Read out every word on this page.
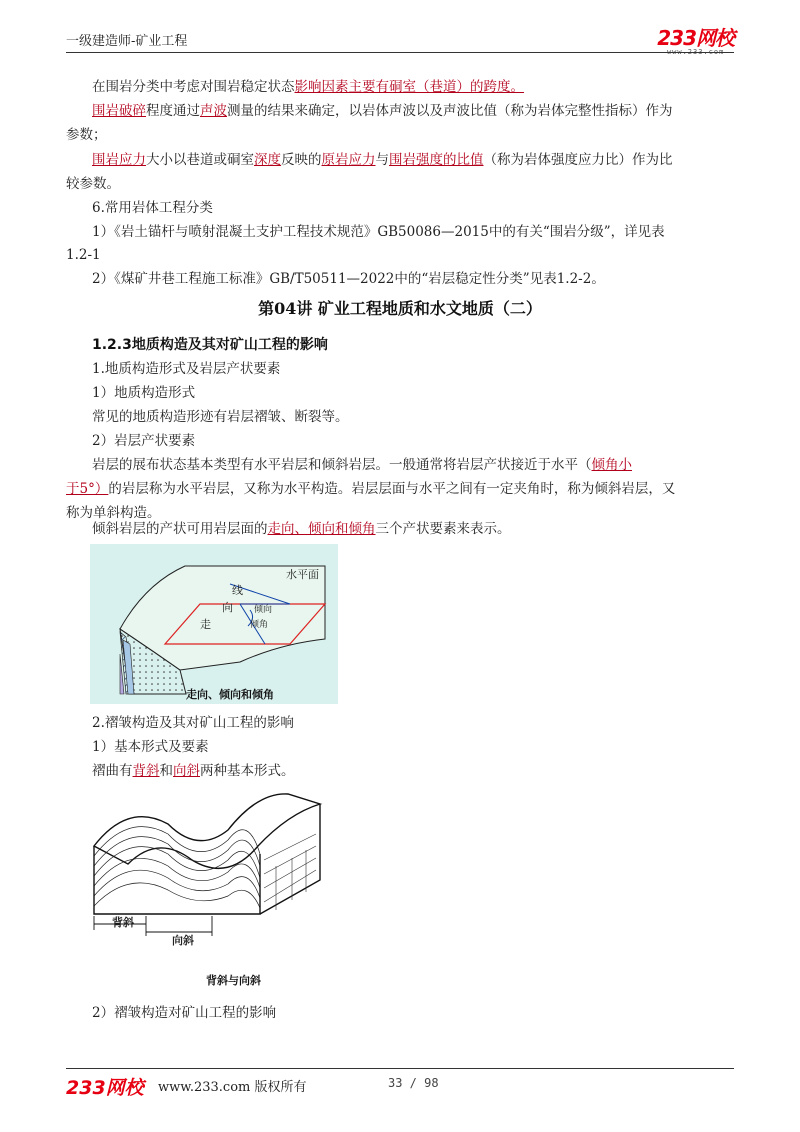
一级建造师-矿业工程	233网校
www.233.com
在围岩分类中考虑对围岩稳定状态影响因素主要有硐室（巷道）的跨度。
围岩破碎程度通过声波测量的结果来确定，以岩体声波以及声波比值（称为岩体完整性指标）作为
参数；
围岩应力大小以巷道或硐室深度反映的原岩应力与围岩强度的比值（称为岩体强度应力比）作为比
较参数。
6.常用岩体工程分类
1）《岩土锚杆与喷射混凝土支护工程技术规范》GB50086—2015中的有关“围岩分级”，详见表
1.2-1
2）《煤矿井巷工程施工标准》GB/T50511—2022中的“岩层稳定性分类”见表1.2-2。
第04讲 矿业工程地质和水文地质（二）
1.2.3地质构造及其对矿山工程的影响
1.地质构造形式及岩层产状要素
1）地质构造形式
常见的地质构造形迹有岩层褶皱、断裂等。
2）岩层产状要素
岩层的展布状态基本类型有水平岩层和倾斜岩层。一般通常将岩层产状接近于水平（倾角小
于5°）的岩层称为水平岩层，又称为水平构造。岩层层面与水平之间有一定夹角时，称为倾斜岩层，又
称为单斜构造。
倾斜岩层的产状可用岩层面的走向、倾向和倾角三个产状要素来表示。
水平面
线
向
走
倾向
倾角
走向、倾向和倾角
2.褶皱构造及其对矿山工程的影响
1）基本形式及要素
褶曲有背斜和向斜两种基本形式。
背斜
向斜
背斜与向斜
2）褶皱构造对矿山工程的影响
233网校 www.233.com 版权所有	33 / 98
